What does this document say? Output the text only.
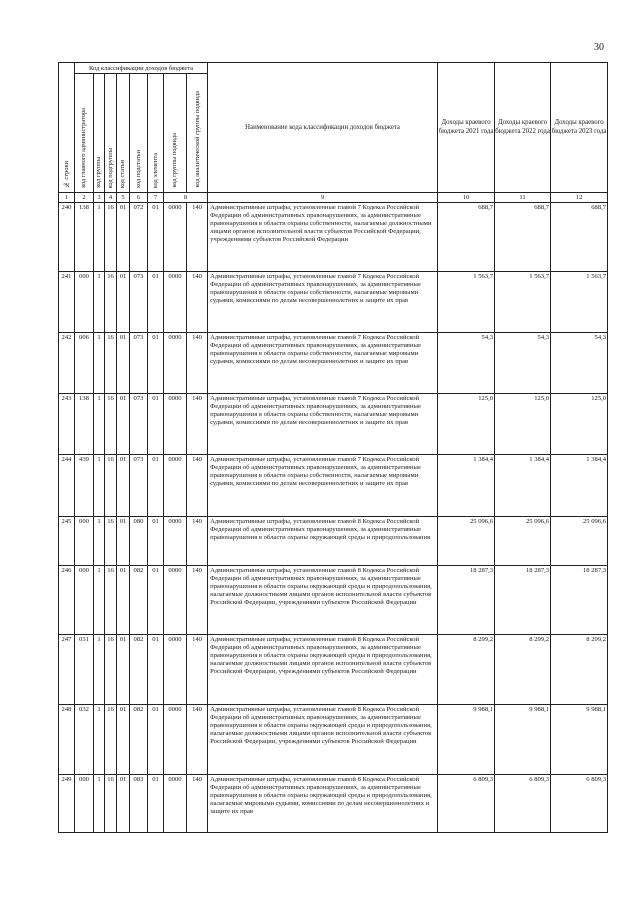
30
№ строки	Код классификации доходов бюджета								Наименование кода классификации доходов бюджета	Доходы краевого бюджета 2021 года	Доходы краевого бюджета 2022 года	Доходы краевого бюджета 2023 года

	код главного администратора	код группы	код подгруппы	код статьи	код подстатьи	код элемента	код группы подвида	код аналитической группы подвида				

1	2	3	4	5	6	7	8		9	10	11	12
240	138	1	16	01	072	01	0000	140	Административные штрафы, установленные главой 7 Кодекса Российской Федерации об административных правонарушениях, за административные правонарушения в области охраны собственности, налагаемые должностными лицами органов исполнительной власти субъектов Российской Федерации, учреждениями субъектов Российской Федерации	688,7	688,7	688,7
241	000	1	16	01	073	01	0000	140	Административные штрафы, установленные главой 7 Кодекса Российской Федерации об административных правонарушениях, за административные правонарушения в области охраны собственности, налагаемые мировыми судьями, комиссиями по делам несовершеннолетних и защите их прав	1 563,7	1 563,7	1 563,7
242	006	1	16	01	073	01	0000	140	Административные штрафы, установленные главой 7 Кодекса Российской Федерации об административных правонарушениях, за административные правонарушения в области охраны собственности, налагаемые мировыми судьями, комиссиями по делам несовершеннолетних и защите их прав	54,3	54,3	54,3
243	138	1	16	01	073	01	0000	140	Административные штрафы, установленные главой 7 Кодекса Российской Федерации об административных правонарушениях, за административные правонарушения в области охраны собственности, налагаемые мировыми судьями, комиссиями по делам несовершеннолетних и защите их прав	125,0	125,0	125,0
244	439	1	16	01	073	01	0000	140	Административные штрафы, установленные главой 7 Кодекса Российской Федерации об административных правонарушениях, за административные правонарушения в области охраны собственности, налагаемые мировыми судьями, комиссиями по делам несовершеннолетних и защите их прав	1 384,4	1 384,4	1 384,4
245	000	1	16	01	080	01	0000	140	Административные штрафы, установленные главой 8 Кодекса Российской Федерации об административных правонарушениях, за административные правонарушения в области охраны окружающей среды и природопользования	25 096,6	25 096,6	25 096,6
246	000	1	16	01	082	01	0000	140	Административные штрафы, установленные главой 8 Кодекса Российской Федерации об административных правонарушениях, за административные правонарушения в области охраны окружающей среды и природопользования, налагаемые должностными лицами органов исполнительной власти субъектов Российской Федерации, учреждениями субъектов Российской Федерации	18 287,3	18 287,3	18 287,3
247	031	1	16	01	082	01	0000	140	Административные штрафы, установленные главой 8 Кодекса Российской Федерации об административных правонарушениях, за административные правонарушения в области охраны окружающей среды и природопользования, налагаемые должностными лицами органов исполнительной власти субъектов Российской Федерации, учреждениями субъектов Российской Федерации	8 299,2	8 299,2	8 299,2
248	032	1	16	01	082	01	0000	140	Административные штрафы, установленные главой 8 Кодекса Российской Федерации об административных правонарушениях, за административные правонарушения в области охраны окружающей среды и природопользования, налагаемые должностными лицами органов исполнительной власти субъектов Российской Федерации, учреждениями субъектов Российской Федерации	9 988,1	9 988,1	9 988,1
249	000	1	16	01	083	01	0000	140	Административные штрафы, установленные главой 8 Кодекса Российской Федерации об административных правонарушениях, за административные правонарушения в области охраны окружающей среды и природопользования, налагаемые мировыми судьями, комиссиями по делам несовершеннолетних и защите их прав	6 809,3	6 809,3	6 809,3
